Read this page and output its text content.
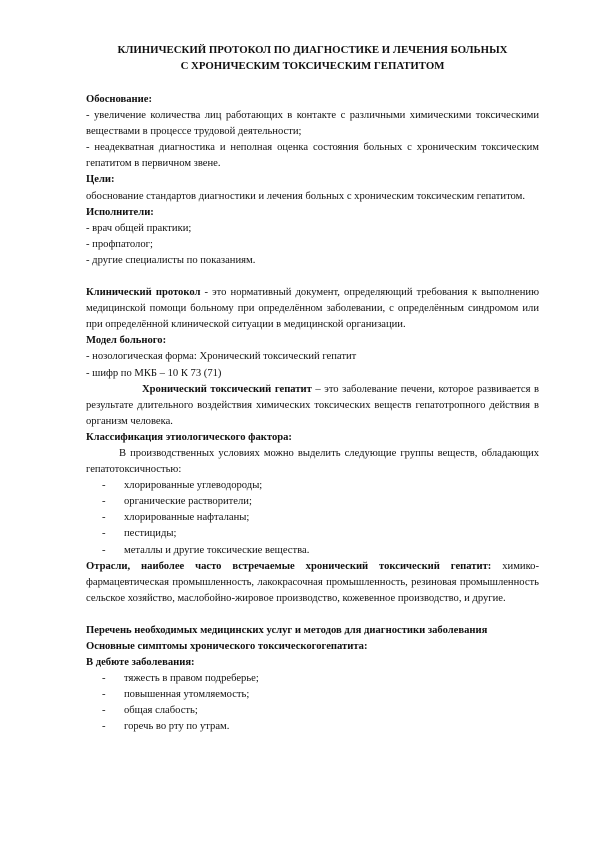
КЛИНИЧЕСКИЙ ПРОТОКОЛ ПО ДИАГНОСТИКЕ И ЛЕЧЕНИЯ БОЛЬНЫХ
С ХРОНИЧЕСКИМ ТОКСИЧЕСКИМ ГЕПАТИТОМ

Обоснование:

- увеличение количества лиц работающих в контакте с различными химическими токсическими веществами в процессе трудовой деятельности;

- неадекватная диагностика и неполная оценка состояния больных с хроническим токсическим гепатитом в первичном звене.

Цели:

обоснование стандартов диагностики и лечения больных с хроническим токсическим гепатитом.

Исполнители:

- врач общей практики;

- профпатолог;

- другие специалисты по показаниям.

Клинический протокол - это нормативный документ, определяющий требования к выполнению медицинской помощи больному при определённом заболевании, с определённым синдромом или при определённой клинической ситуации в медицинской организации.

Модел больного:

- нозологическая форма: Хронический токсический гепатит

- шифр по МКБ – 10 К 73 (71)

Хронический токсический гепатит – это заболевание печени, которое развивается в результате длительного воздействия химических токсических веществ гепатотропного действия в организм человека.

Классификация этиологического фактора:

В производственных условиях можно выделить следующие группы веществ, обладающих гепатотоксичностью:

- хлорированные углеводороды;
- органические растворители;
- хлорированные нафталаны;
- пестициды;
- металлы и другие токсические вещества.

Отрасли, наиболее часто встречаемые хронический токсический гепатит: химико-фармацевтическая промышленность, лакокрасочная промышленность, резиновая промышленность сельское хозяйство, маслобойно-жировое производство, кожевенное производство, и другие.

Перечень необходимых медицинских услуг и методов для диагностики заболевания

Основные симптомы хронического токсическогогепатита:

В дебюте заболевания:

- тяжесть в правом подреберье;
- повышенная утомляемость;
- общая слабость;
- горечь во рту по утрам.
